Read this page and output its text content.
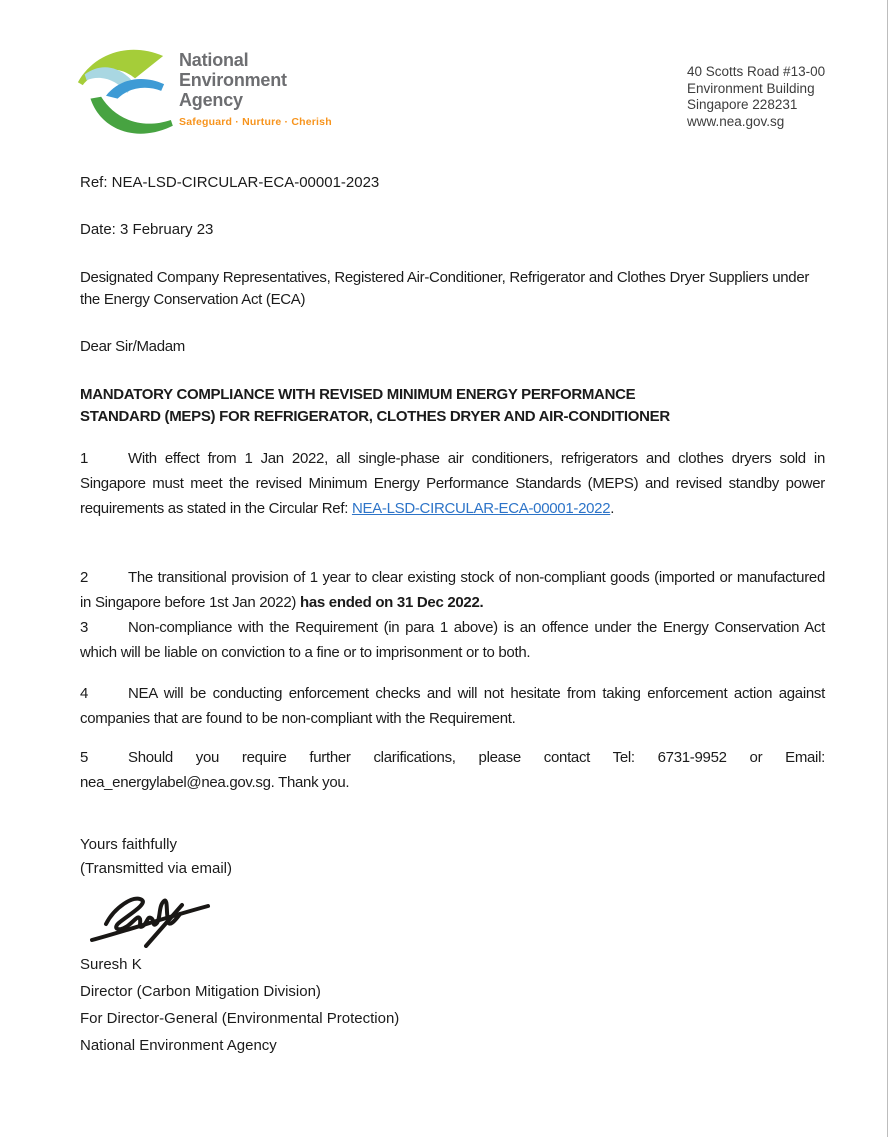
National
Environment
Agency
Safeguard · Nurture · Cherish
40 Scotts Road #13-00
Environment Building
Singapore 228231
www.nea.gov.sg
Ref: NEA-LSD-CIRCULAR-ECA-00001-2023
Date: 3 February 23
Designated Company Representatives, Registered Air-Conditioner, Refrigerator and Clothes Dryer Suppliers under the Energy Conservation Act (ECA)
Dear Sir/Madam
MANDATORY COMPLIANCE WITH REVISED MINIMUM ENERGY PERFORMANCE
STANDARD (MEPS) FOR REFRIGERATOR, CLOTHES DRYER AND AIR-CONDITIONER

1	With effect from 1 Jan 2022, all single-phase air conditioners, refrigerators and clothes dryers sold in Singapore must meet the revised Minimum Energy Performance Standards (MEPS) and revised standby power requirements as stated in the Circular Ref: NEA-LSD-CIRCULAR-ECA-00001-2022.

2	The transitional provision of 1 year to clear existing stock of non-compliant goods (imported or manufactured in Singapore before 1st Jan 2022) has ended on 31 Dec 2022.

3	Non-compliance with the Requirement (in para 1 above) is an offence under the Energy Conservation Act which will be liable on conviction to a fine or to imprisonment or to both.

4	NEA will be conducting enforcement checks and will not hesitate from taking enforcement action against companies that are found to be non-compliant with the Requirement.

5	Should you require further clarifications, please contact Tel: 6731-9952 or Email: nea_energylabel@nea.gov.sg. Thank you.

Yours faithfully
(Transmitted via email)
Suresh K
Director (Carbon Mitigation Division)
For Director-General (Environmental Protection)
National Environment Agency
